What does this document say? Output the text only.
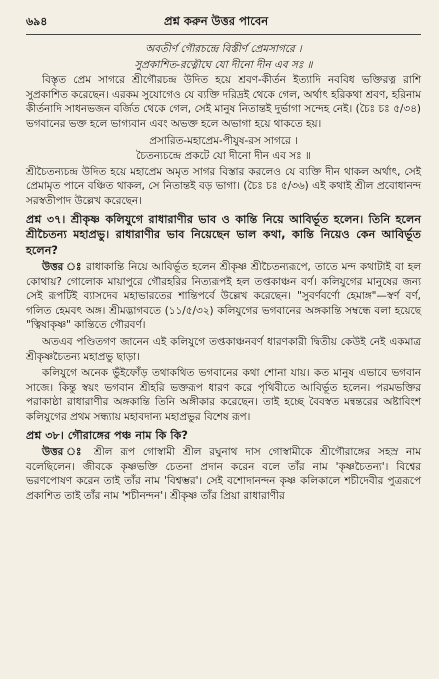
৬৯৪	প্রশ্ন করুন উত্তর পাবেন
অবতীর্ণ গৌরচন্দ্রে বিস্তীর্ণ প্রেমসাগরে ।
সুপ্রকাশিত-রত্নৌঘে যো দীনো দীন এব সঃ ॥

বিস্তৃত প্রেম সাগরে শ্রীগৌরচন্দ্র উদিত হয়ে শ্রবণ-কীর্তন ইত্যাদি নববিধ ভক্তিরত্ন রাশি সুপ্রকাশিত করেছেন। এরকম সুযোগেও যে ব্যক্তি দরিদ্রই থেকে গেল, অর্থাৎ হরিকথা শ্রবণ, হরিনাম কীর্তনাদি সাধনভজন বর্জিত থেকে গেল, সেই মানুষ নিতান্তই দুর্ভাগা সন্দেহ নেই। (চৈঃ চঃ ৫/৩৪) ভগবানের ভক্ত হলে ভাগ্যবান এবং অভক্ত হলে অভাগা হয়ে থাকতে হয়।

প্রসারিত-মহাপ্রেম-পীযুষ-রস সাগরে ।
চৈতন্যচন্দ্রে প্রকটে যো দীনো দীন এব সঃ ॥

শ্রীচৈতন্যচন্দ্র উদিত হয়ে মহাপ্রেম অমৃত সাগর বিস্তার করলেও যে ব্যক্তি দীন থাকল অর্থাৎ, সেই প্রেমামৃত পানে বঞ্চিত থাকল, সে নিতান্তই বড় ভাগা। (চৈঃ চঃ ৫/৩৬) এই কথাই শ্রীল প্রবোধানন্দ সরস্বতীপাদ উল্লেখ করেছেন।

প্রশ্ন ৩৭। শ্রীকৃষ্ণ কলিযুগে রাধারাণীর ভাব ও কান্তি নিয়ে আবির্ভূত হলেন। তিনি হলেন শ্রীচৈতন্য মহাপ্রভু। রাধারাণীর ভাব নিয়েছেন ভাল কথা, কান্তি নিয়েও কেন আবির্ভূত হলেন?

উত্তর ঃ রাধাকান্তি নিয়ে আবির্ভূত হলেন শ্রীকৃষ্ণ শ্রীচৈতন্যরূপে, তাতে মন্দ কথাটাই বা হল কোথায়? গোলোক মায়াপুরে গৌরহরির নিত্যরূপই হল তপ্তকাঞ্চন বর্ণ। কলিযুগের মানুষের জন্য সেই রূপটিই ব্যাসদেব মহাভারতের শান্তিপর্বে উল্লেখ করেছেন। "সুবর্ণবর্ণো হেমাঙ্গ"—স্বর্ণ বর্ণ, গলিত হেমবৎ অঙ্গ। শ্রীমদ্ভাগবতে (১১/৫/৩২) কলিযুগের ভগবানের অঙ্গকান্তি সম্বন্ধে বলা হয়েছে "ত্বিষাকৃষ্ণ" কান্তিতে গৌরবর্ণ।

অতএব পণ্ডিতগণ জানেন এই কলিযুগে তপ্তকাঞ্চনবর্ণ ধারণকারী দ্বিতীয় কেউই নেই একমাত্র শ্রীকৃষ্ণচৈতন্য মহাপ্রভু ছাড়া।

কলিযুগে অনেক ভুঁইফোঁড় তথাকথিত ভগবানের কথা শোনা যায়। কত মানুষ এভাবে ভগবান সাজে। কিন্তু স্বয়ং ভগবান শ্রীহরি ভক্তরূপ ধারণ করে পৃথিবীতে আবির্ভূত হলেন। পরমভক্তির পরাকাষ্ঠা রাধারাণীর অঙ্গকান্তি তিনি অঙ্গীকার করেছেন। তাই হচ্ছে বৈবস্বত মন্বন্তরের অষ্টাবিংশ কলিযুগের প্রথম সন্ধ্যায় মহাবদান্য মহাপ্রভুর বিশেষ রূপ।

প্রশ্ন ৩৮। গৌরাঙ্গের পঞ্চ নাম কি কি?

উত্তর ঃ শ্রীল রূপ গোস্বামী শ্রীল রঘুনাথ দাস গোস্বামীকে শ্রীগৌরাঙ্গের সহস্র নাম বলেছিলেন। জীবকে কৃষ্ণভক্তি চেতনা প্রদান করেন বলে তাঁর নাম 'কৃষ্ণচৈতন্য'। বিশ্বের ভরণপোষণ করেন তাই তাঁর নাম 'বিশ্বম্ভর'। সেই বশোদানন্দন কৃষ্ণ কলিকালে শচীদেবীর পুত্ররূপে প্রকাশিত তাই তাঁর নাম 'শচীনন্দন'। শ্রীকৃষ্ণ তাঁর প্রিয়া রাধারাণীর
